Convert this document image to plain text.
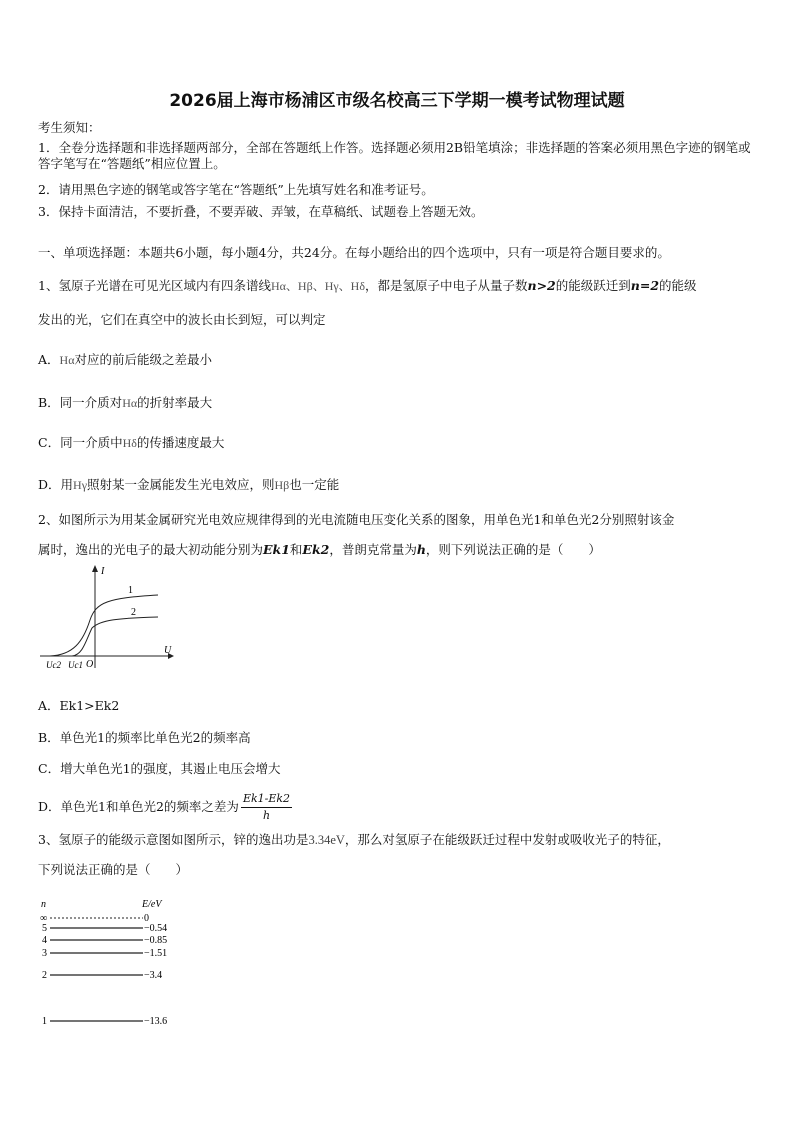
2026届上海市杨浦区市级名校高三下学期一模考试物理试题
考生须知：
1．全卷分选择题和非选择题两部分，全部在答题纸上作答。选择题必须用2B铅笔填涂；非选择题的答案必须用黑色字迹的钢笔或答字笔写在“答题纸”相应位置上。
2．请用黑色字迹的钢笔或答字笔在“答题纸”上先填写姓名和准考证号。
3．保持卡面清洁，不要折叠，不要弄破、弄皱，在草稿纸、试题卷上答题无效。
一、单项选择题：本题共6小题，每小题4分，共24分。在每小题给出的四个选项中，只有一项是符合题目要求的。
1、氢原子光谱在可见光区域内有四条谱线Hα、Hβ、Hγ、Hδ，都是氢原子中电子从量子数n>2的能级跃迁到n=2的能级
发出的光，它们在真空中的波长由长到短，可以判定
A．Hα对应的前后能级之差最小
B．同一介质对Hα的折射率最大
C．同一介质中Hδ的传播速度最大
D．用Hγ照射某一金属能发生光电效应，则Hβ也一定能
2、如图所示为用某金属研究光电效应规律得到的光电流随电压变化关系的图象，用单色光1和单色光2分别照射该金
属时，逸出的光电子的最大初动能分别为Ek1和Ek2，普朗克常量为h，则下列说法正确的是（　　）
I
U
1
2
Uc2 Uc1 O
A．Ek1>Ek2
B．单色光1的频率比单色光2的频率高
C．增大单色光1的强度，其遏止电压会增大
D．单色光1和单色光2的频率之差为 $\frac{Ek1-Ek2}{h}$
3、氢原子的能级示意图如图所示，锌的逸出功是3.34eV，那么对氢原子在能级跃迁过程中发射或吸收光子的特征，
下列说法正确的是（　　）
n	E/eV
∞	0
5	−0.54
4	−0.85
3	−1.51
2	−3.4
1	−13.6
